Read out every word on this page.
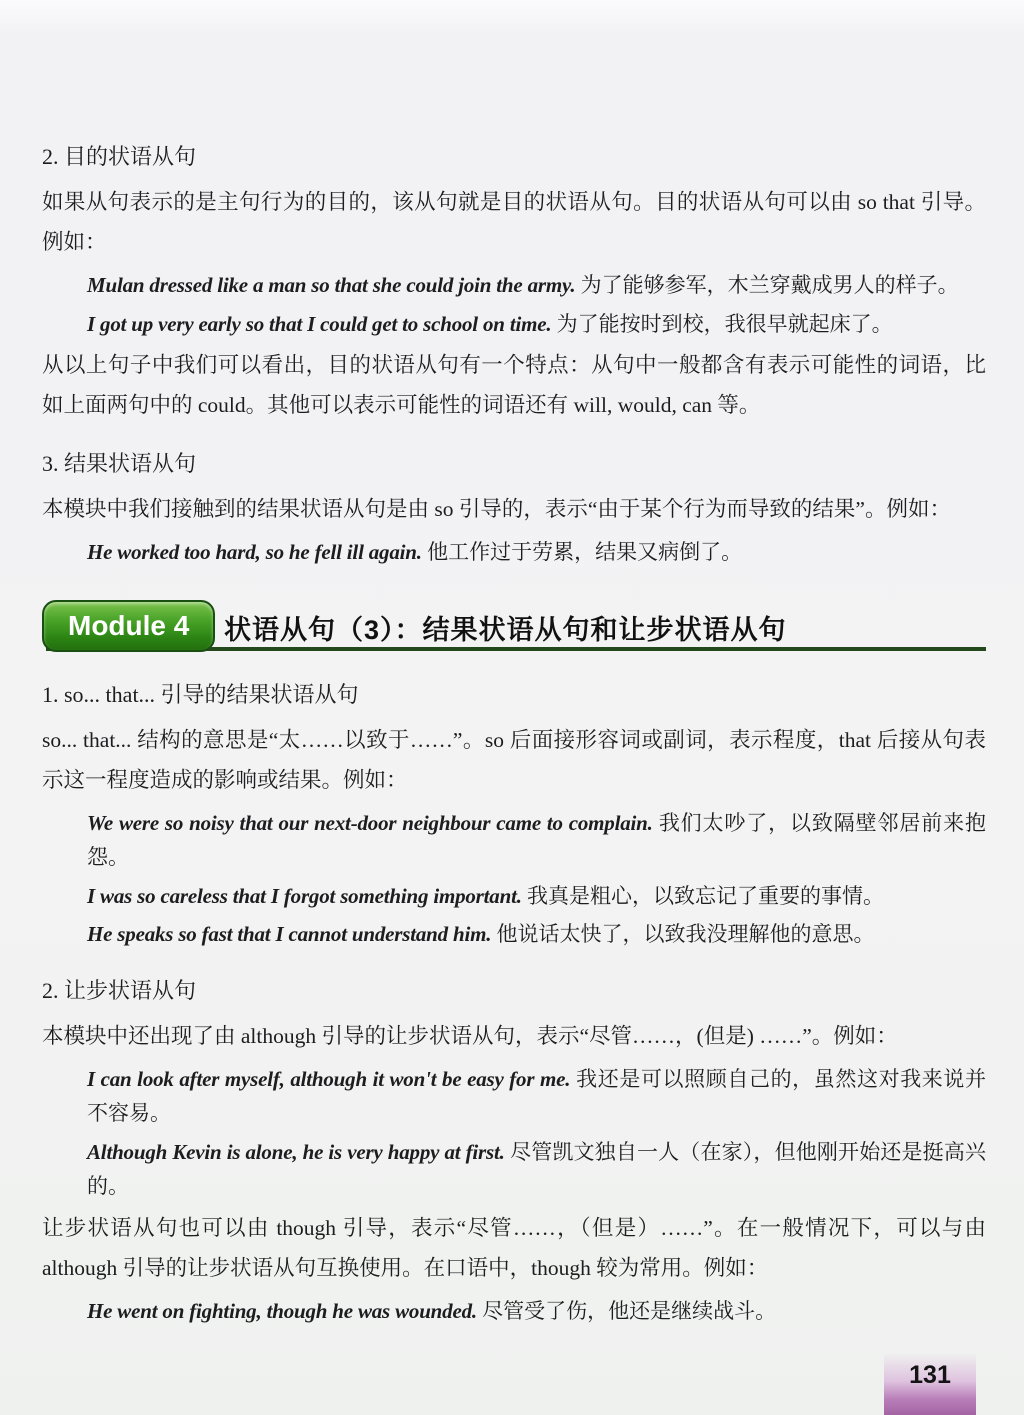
2. 目的状语从句
如果从句表示的是主句行为的目的，该从句就是目的状语从句。目的状语从句可以由 so that 引导。例如：
Mulan dressed like a man so that she could join the army. 为了能够参军，木兰穿戴成男人的样子。
I got up very early so that I could get to school on time. 为了能按时到校，我很早就起床了。
从以上句子中我们可以看出，目的状语从句有一个特点：从句中一般都含有表示可能性的词语，比如上面两句中的 could。其他可以表示可能性的词语还有 will, would, can 等。
3. 结果状语从句
本模块中我们接触到的结果状语从句是由 so 引导的，表示“由于某个行为而导致的结果”。例如：
He worked too hard, so he fell ill again. 他工作过于劳累，结果又病倒了。
Module 4 状语从句（3）：结果状语从句和让步状语从句
1. so... that... 引导的结果状语从句
so... that... 结构的意思是“太……以致于……”。so 后面接形容词或副词，表示程度，that 后接从句表示这一程度造成的影响或结果。例如：
We were so noisy that our next-door neighbour came to complain. 我们太吵了，以致隔壁邻居前来抱怨。
I was so careless that I forgot something important. 我真是粗心，以致忘记了重要的事情。
He speaks so fast that I cannot understand him. 他说话太快了，以致我没理解他的意思。
2. 让步状语从句
本模块中还出现了由 although 引导的让步状语从句，表示“尽管……，(但是) ……”。例如：
I can look after myself, although it won't be easy for me. 我还是可以照顾自己的，虽然这对我来说并不容易。
Although Kevin is alone, he is very happy at first. 尽管凯文独自一人（在家），但他刚开始还是挺高兴的。
让步状语从句也可以由 though 引导，表示“尽管……，（但是）……”。在一般情况下，可以与由 although 引导的让步状语从句互换使用。在口语中，though 较为常用。例如：
He went on fighting, though he was wounded. 尽管受了伤，他还是继续战斗。
131
